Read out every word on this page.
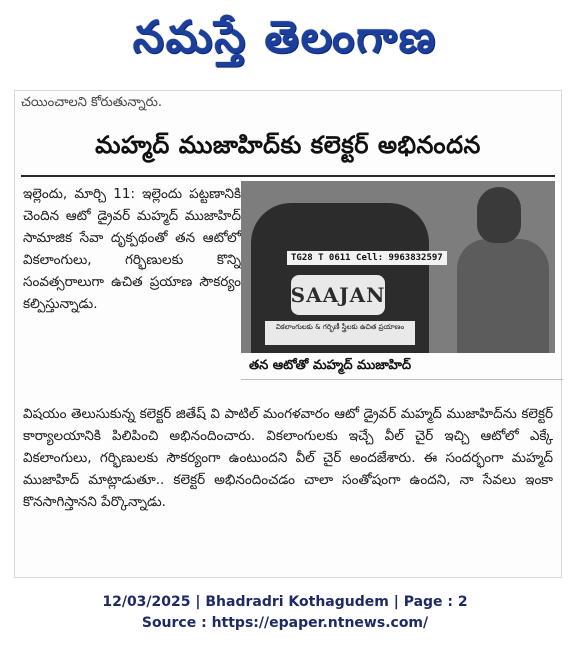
నమస్తే తెలంగాణ
చయించాలని కోరుతున్నారు.
మహ్మద్ ముజాహిద్‌కు కలెక్టర్ అభినందన
ఇల్లెందు, మార్చి 11: ఇల్లెందు పట్టణానికి చెందిన ఆటో డ్రైవర్ మహ్మద్ ముజాహిద్ సామాజిక సేవా దృక్పథంతో తన ఆటోలో వికలాంగులు, గర్భిణులకు కొన్ని సంవత్సరాలుగా ఉచిత ప్రయాణ సౌకర్యం కల్పిస్తున్నాడు.
TG28 T 0611 Cell: 9963832597
SAAJAN
వికలాంగులకు & గర్భిణీ స్త్రీలకు ఉచిత ప్రయాణం
తన ఆటోతో మహ్మద్ ముజాహిద్
విషయం తెలుసుకున్న కలెక్టర్ జితేష్ వి పాటిల్ మంగళవారం ఆటో డ్రైవర్ మహ్మద్ ముజాహిద్‌ను కలెక్టర్ కార్యాలయానికి పిలిపించి అభినందించారు. వికలాంగులకు ఇచ్చే వీల్ చైర్ ఇచ్చి ఆటోలో ఎక్కే వికలాంగులు, గర్భిణులకు సౌకర్యంగా ఉంటుందని వీల్ చైర్ అందజేశారు. ఈ సందర్భంగా మహ్మద్ ముజాహిద్ మాట్లాడుతూ.. కలెక్టర్ అభినందించడం చాలా సంతోషంగా ఉందని, నా సేవలు ఇంకా కొనసాగిస్తానని పేర్కొన్నాడు.
12/03/2025 | Bhadradri Kothagudem | Page : 2
Source : https://epaper.ntnews.com/
